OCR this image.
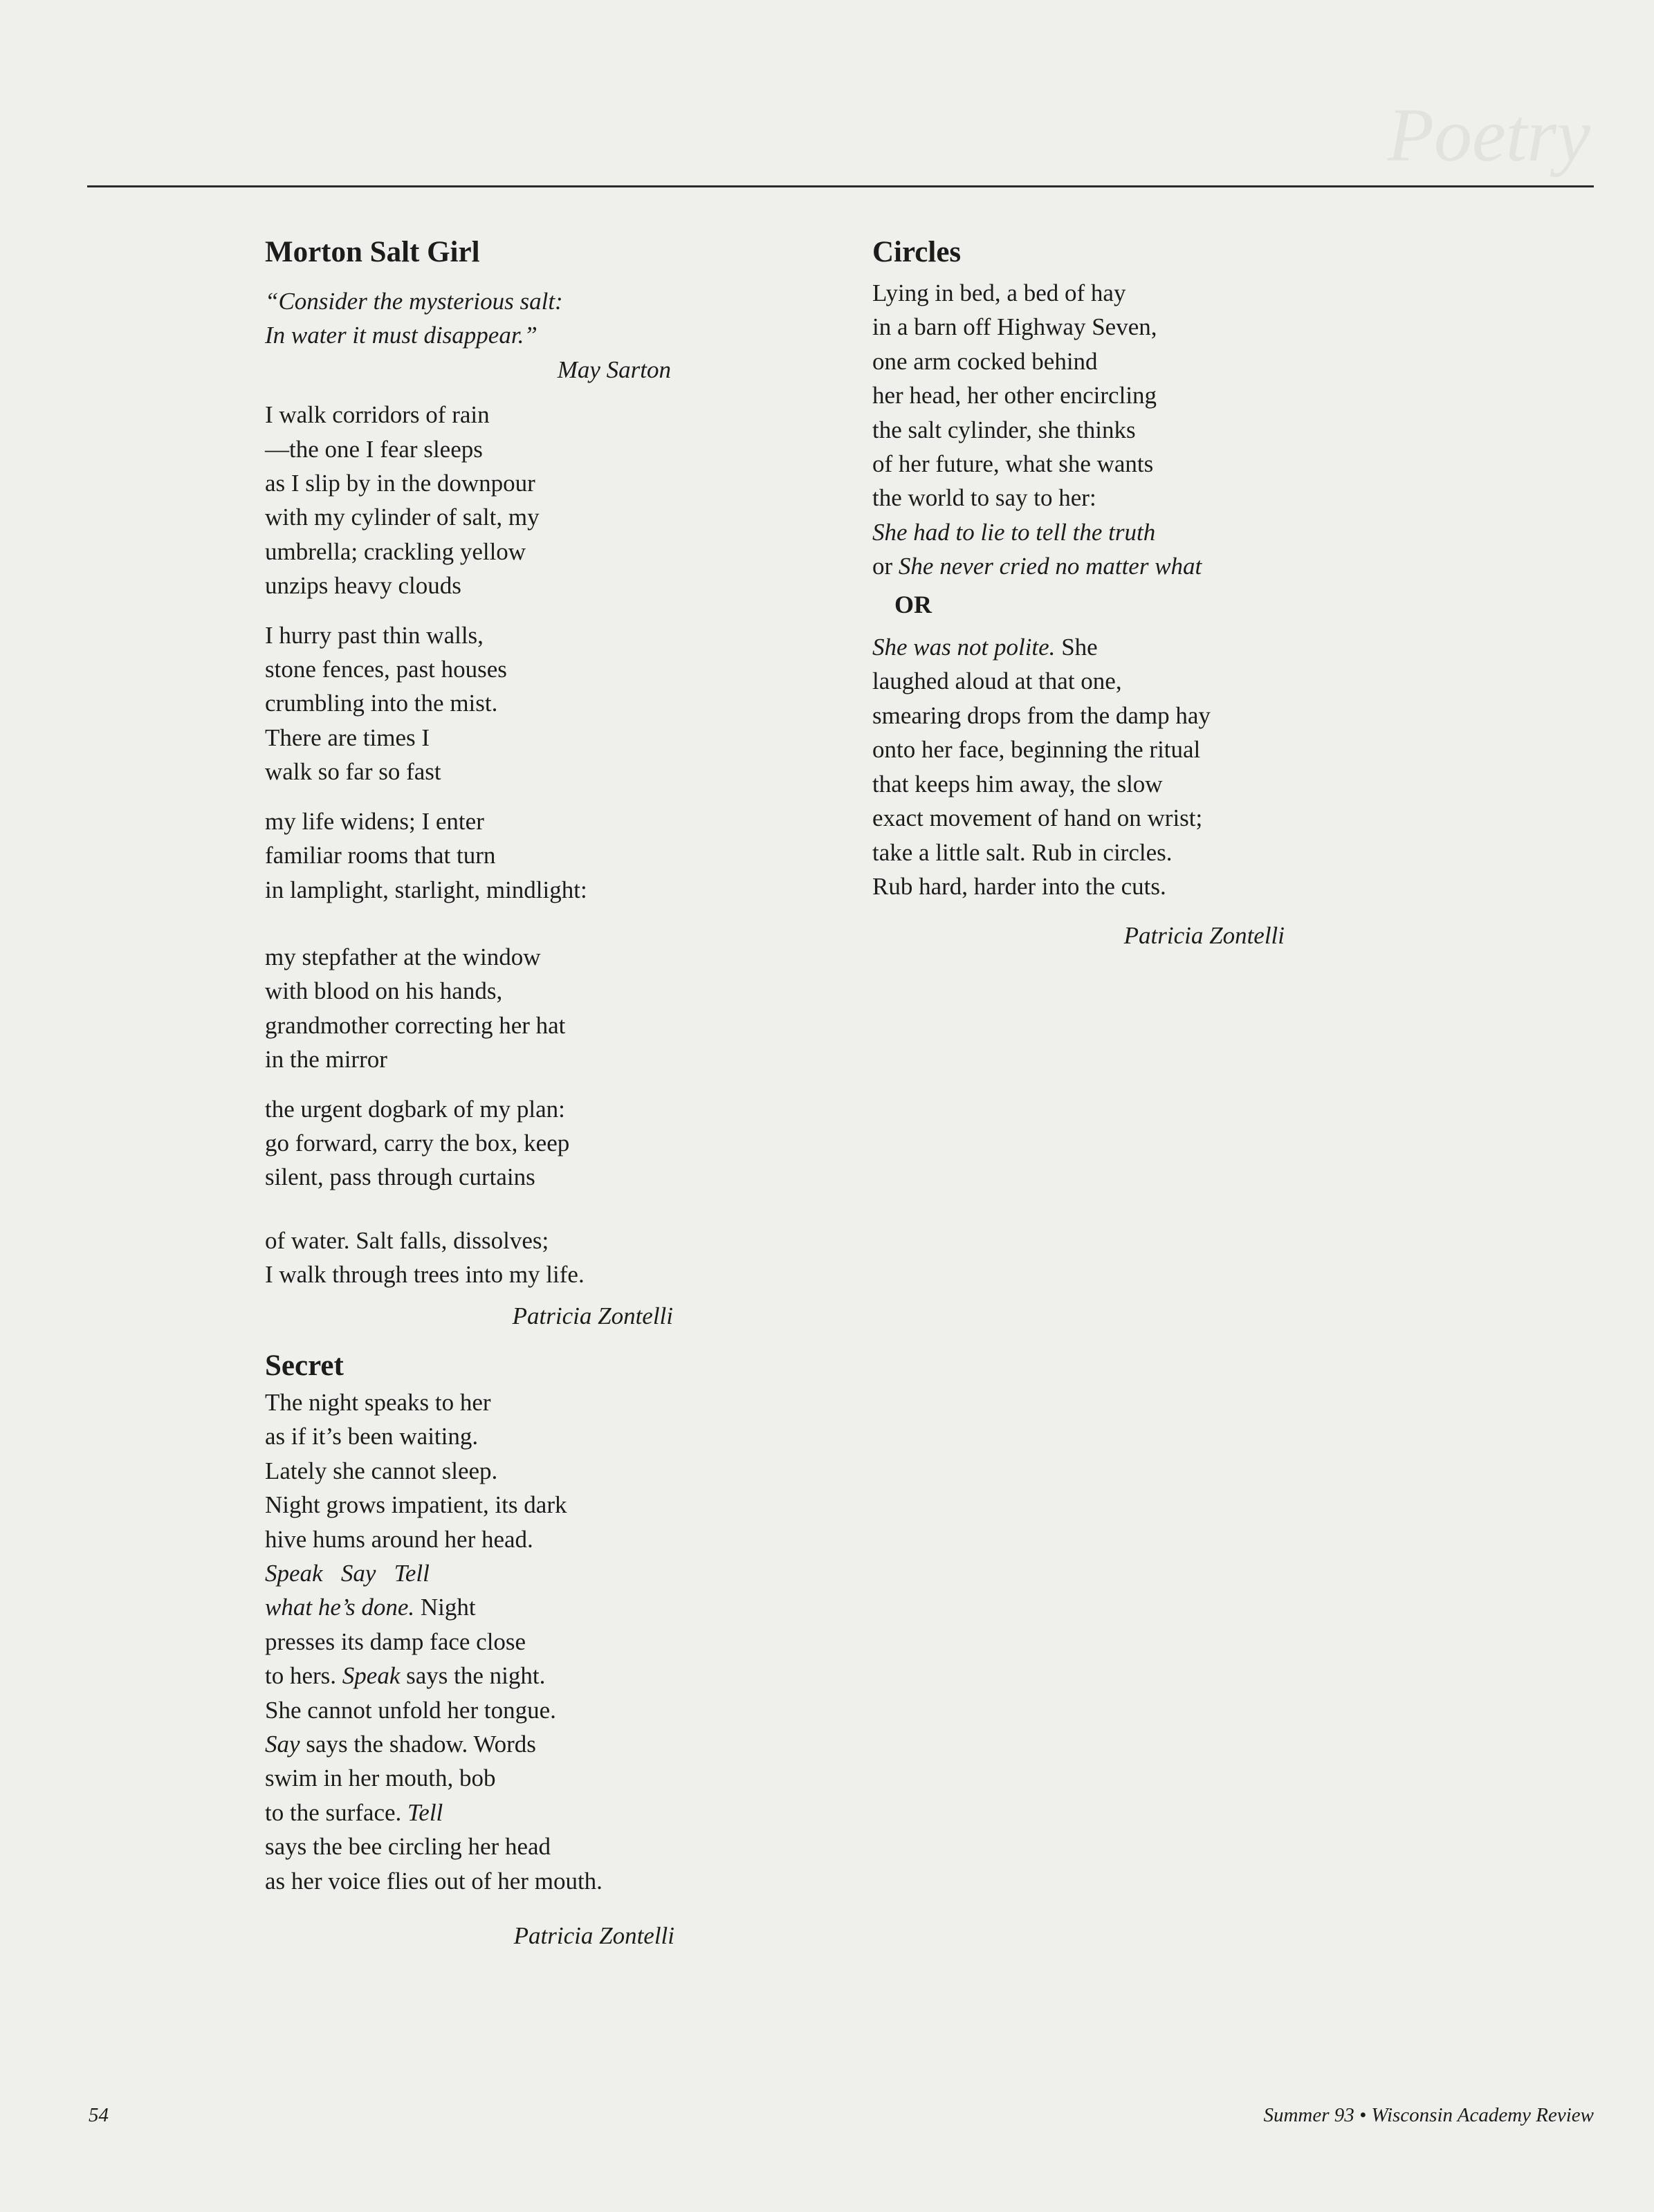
Poetry
Morton Salt Girl
“Consider the mysterious salt:
In water it must disappear.”
May Sarton
I walk corridors of rain
—the one I fear sleeps
as I slip by in the downpour
with my cylinder of salt, my
umbrella; crackling yellow
unzips heavy clouds
I hurry past thin walls,
stone fences, past houses
crumbling into the mist.
There are times I
walk so far so fast
my life widens; I enter
familiar rooms that turn
in lamplight, starlight, mindlight:
my stepfather at the window
with blood on his hands,
grandmother correcting her hat
in the mirror
the urgent dogbark of my plan:
go forward, carry the box, keep
silent, pass through curtains
of water. Salt falls, dissolves;
I walk through trees into my life.
Patricia Zontelli
Secret
The night speaks to her
as if it’s been waiting.
Lately she cannot sleep.
Night grows impatient, its dark
hive hums around her head.
Speak   Say   Tell
what he’s done. Night
presses its damp face close
to hers. Speak says the night.
She cannot unfold her tongue.
Say says the shadow. Words
swim in her mouth, bob
to the surface. Tell
says the bee circling her head
as her voice flies out of her mouth.
Patricia Zontelli
Circles
Lying in bed, a bed of hay
in a barn off Highway Seven,
one arm cocked behind
her head, her other encircling
the salt cylinder, she thinks
of her future, what she wants
the world to say to her:
She had to lie to tell the truth
or She never cried no matter what
OR
She was not polite. She
laughed aloud at that one,
smearing drops from the damp hay
onto her face, beginning the ritual
that keeps him away, the slow
exact movement of hand on wrist;
take a little salt. Rub in circles.
Rub hard, harder into the cuts.
Patricia Zontelli
54	Summer 93 • Wisconsin Academy Review
